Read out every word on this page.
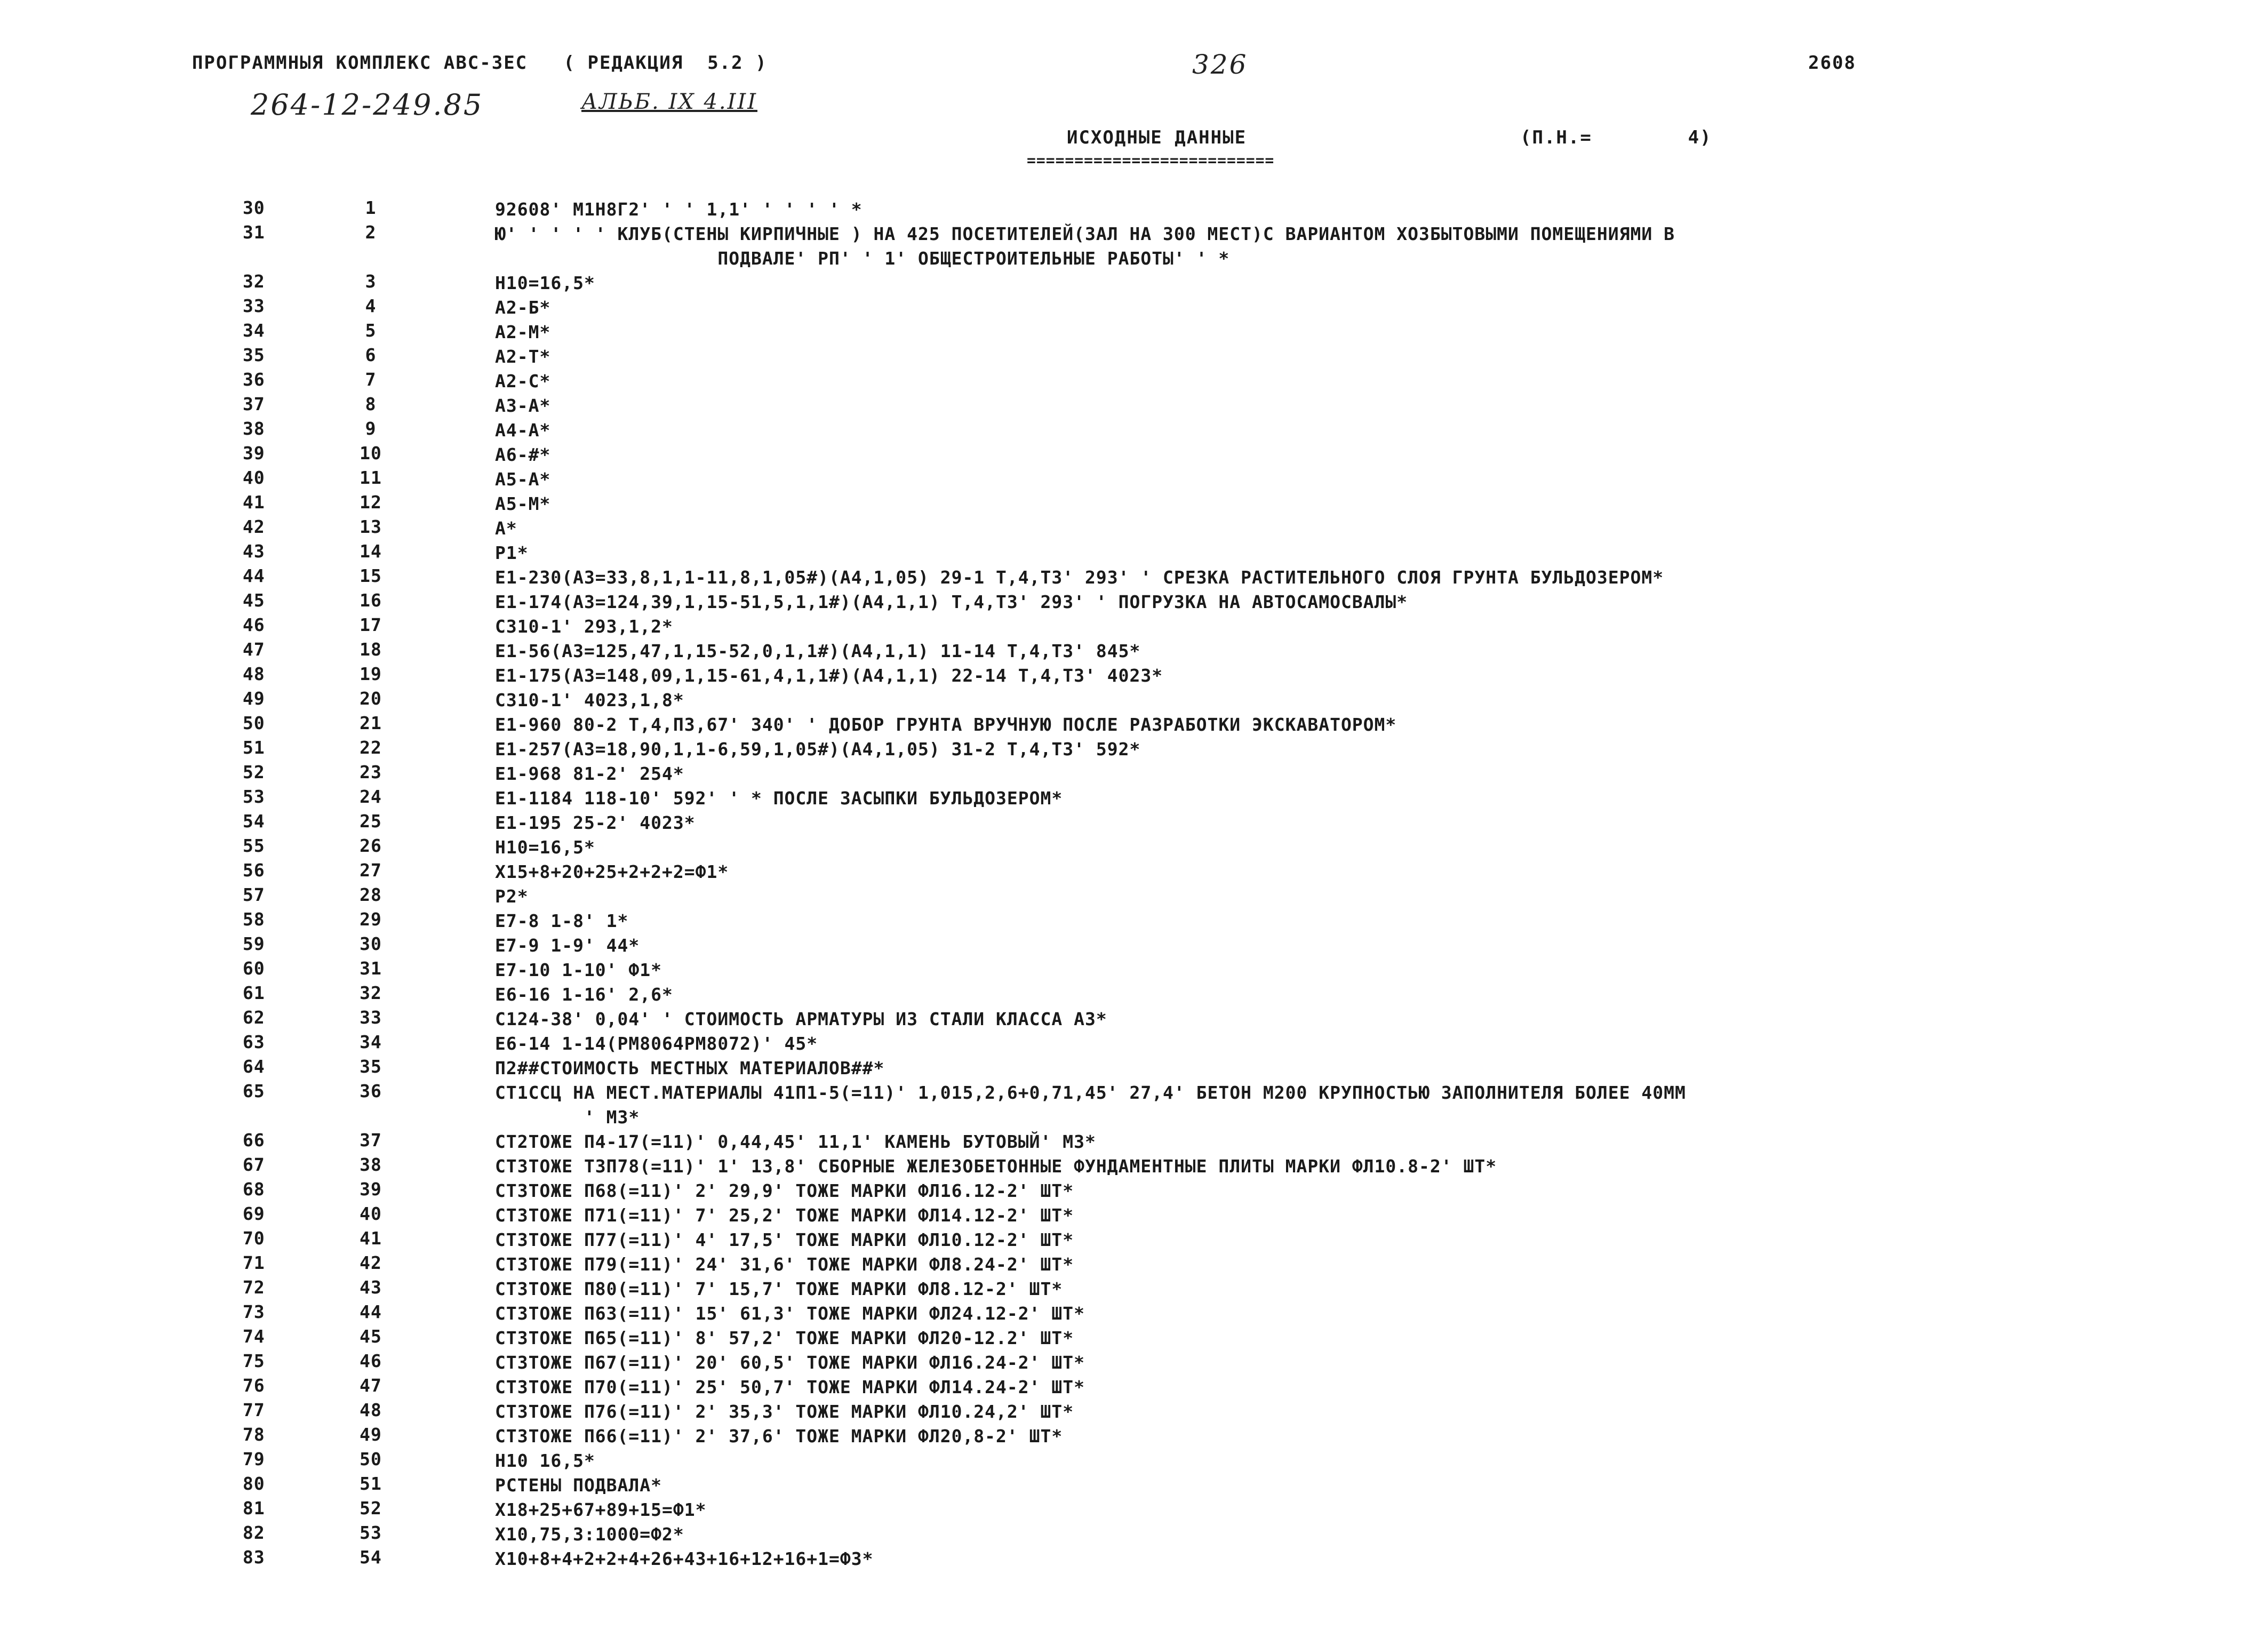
ПРОГРАММНЫЯ КОМПЛЕКС АВС-ЗЕС   ( РЕДАКЦИЯ  5.2 )	326	2608
264-12-249.85	АЛЬБ. IX 4.III
ИСХОДНЫЕ ДАННЫЕ
==========================
(П.Н.=        4)
30	1	92608' М1Н8Г2' ' ' 1,1' ' ' ' ' *
31	2	Ю' ' ' ' ' КЛУБ(СТЕНЫ КИРПИЧНЫЕ ) НА 425 ПОСЕТИТЕЛЕЙ(ЗАЛ НА 300 МЕСТ)С ВАРИАНТОМ ХОЗБЫТОВЫМИ ПОМЕЩЕНИЯМИ В
ПОДВАЛЕ' РП' ' 1' ОБЩЕСТРОИТЕЛЬНЫЕ РАБОТЫ' ' *
32	3	Н10=16,5*
33	4	А2-Б*
34	5	А2-М*
35	6	А2-Т*
36	7	А2-С*
37	8	А3-А*
38	9	А4-А*
39	10	А6-#*
40	11	А5-А*
41	12	А5-М*
42	13	А*
43	14	Р1*
44	15	Е1-230(А3=33,8,1,1-11,8,1,05#)(А4,1,05) 29-1 Т,4,Т3' 293' ' СРЕЗКА РАСТИТЕЛЬНОГО СЛОЯ ГРУНТА БУЛЬДОЗЕРОМ*
45	16	Е1-174(А3=124,39,1,15-51,5,1,1#)(А4,1,1) Т,4,Т3' 293' ' ПОГРУЗКА НА АВТОСАМОСВАЛЫ*
46	17	С310-1' 293,1,2*
47	18	Е1-56(А3=125,47,1,15-52,0,1,1#)(А4,1,1) 11-14 Т,4,Т3' 845*
48	19	Е1-175(А3=148,09,1,15-61,4,1,1#)(А4,1,1) 22-14 Т,4,Т3' 4023*
49	20	С310-1' 4023,1,8*
50	21	Е1-960 80-2 Т,4,П3,67' 340' ' ДОБОР ГРУНТА ВРУЧНУЮ ПОСЛЕ РАЗРАБОТКИ ЭКСКАВАТОРОМ*
51	22	Е1-257(А3=18,90,1,1-6,59,1,05#)(А4,1,05) 31-2 Т,4,Т3' 592*
52	23	Е1-968 81-2' 254*
53	24	Е1-1184 118-10' 592' ' * ПОСЛЕ ЗАСЫПКИ БУЛЬДОЗЕРОМ*
54	25	Е1-195 25-2' 4023*
55	26	Н10=16,5*
56	27	Х15+8+20+25+2+2+2=Ф1*
57	28	Р2*
58	29	Е7-8 1-8' 1*
59	30	Е7-9 1-9' 44*
60	31	Е7-10 1-10' Ф1*
61	32	Е6-16 1-16' 2,6*
62	33	С124-38' 0,04' ' СТОИМОСТЬ АРМАТУРЫ ИЗ СТАЛИ КЛАССА А3*
63	34	Е6-14 1-14(РМ8064РМ8072)' 45*
64	35	П2##СТОИМОСТЬ МЕСТНЫХ МАТЕРИАЛОВ##*
65	36	СТ1ССЦ НА МЕСТ.МАТЕРИАЛЫ 41П1-5(=11)' 1,015,2,6+0,71,45' 27,4' БЕТОН М200 КРУПНОСТЬЮ ЗАПОЛНИТЕЛЯ БОЛЕЕ 40ММ
' М3*
66	37	СТ2ТОЖЕ П4-17(=11)' 0,44,45' 11,1' КАМЕНЬ БУТОВЫЙ' М3*
67	38	СТ3ТОЖЕ Т3П78(=11)' 1' 13,8' СБОРНЫЕ ЖЕЛЕЗОБЕТОННЫЕ ФУНДАМЕНТНЫЕ ПЛИТЫ МАРКИ ФЛ10.8-2' ШТ*
68	39	СТ3ТОЖЕ П68(=11)' 2' 29,9' ТОЖЕ МАРКИ ФЛ16.12-2' ШТ*
69	40	СТ3ТОЖЕ П71(=11)' 7' 25,2' ТОЖЕ МАРКИ ФЛ14.12-2' ШТ*
70	41	СТ3ТОЖЕ П77(=11)' 4' 17,5' ТОЖЕ МАРКИ ФЛ10.12-2' ШТ*
71	42	СТ3ТОЖЕ П79(=11)' 24' 31,6' ТОЖЕ МАРКИ ФЛ8.24-2' ШТ*
72	43	СТ3ТОЖЕ П80(=11)' 7' 15,7' ТОЖЕ МАРКИ ФЛ8.12-2' ШТ*
73	44	СТ3ТОЖЕ П63(=11)' 15' 61,3' ТОЖЕ МАРКИ ФЛ24.12-2' ШТ*
74	45	СТ3ТОЖЕ П65(=11)' 8' 57,2' ТОЖЕ МАРКИ ФЛ20-12.2' ШТ*
75	46	СТ3ТОЖЕ П67(=11)' 20' 60,5' ТОЖЕ МАРКИ ФЛ16.24-2' ШТ*
76	47	СТ3ТОЖЕ П70(=11)' 25' 50,7' ТОЖЕ МАРКИ ФЛ14.24-2' ШТ*
77	48	СТ3ТОЖЕ П76(=11)' 2' 35,3' ТОЖЕ МАРКИ ФЛ10.24,2' ШТ*
78	49	СТ3ТОЖЕ П66(=11)' 2' 37,6' ТОЖЕ МАРКИ ФЛ20,8-2' ШТ*
79	50	Н10 16,5*
80	51	РСТЕНЫ ПОДВАЛА*
81	52	Х18+25+67+89+15=Ф1*
82	53	Х10,75,3:1000=Ф2*
83	54	Х10+8+4+2+2+4+26+43+16+12+16+1=Ф3*
